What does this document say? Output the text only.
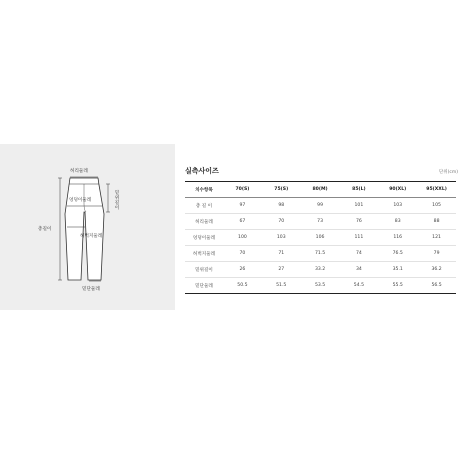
허리둘레
엉덩이둘레
밑위길이
허벅지둘레
총길이
밑단둘레
실측사이즈	단위(cm)
치수항목	70(S)	75(S)	80(M)	85(L)	90(XL)	95(XXL)
총 길 이	97	98	99	101	103	105
허리둘레	67	70	73	76	83	88
엉덩이둘레	100	103	106	111	116	121
허벅지둘레	70	71	71.5	74	76.5	79
밑위길이	26	27	33.2	34	35.1	36.2
밑단둘레	50.5	51.5	53.5	54.5	55.5	56.5
